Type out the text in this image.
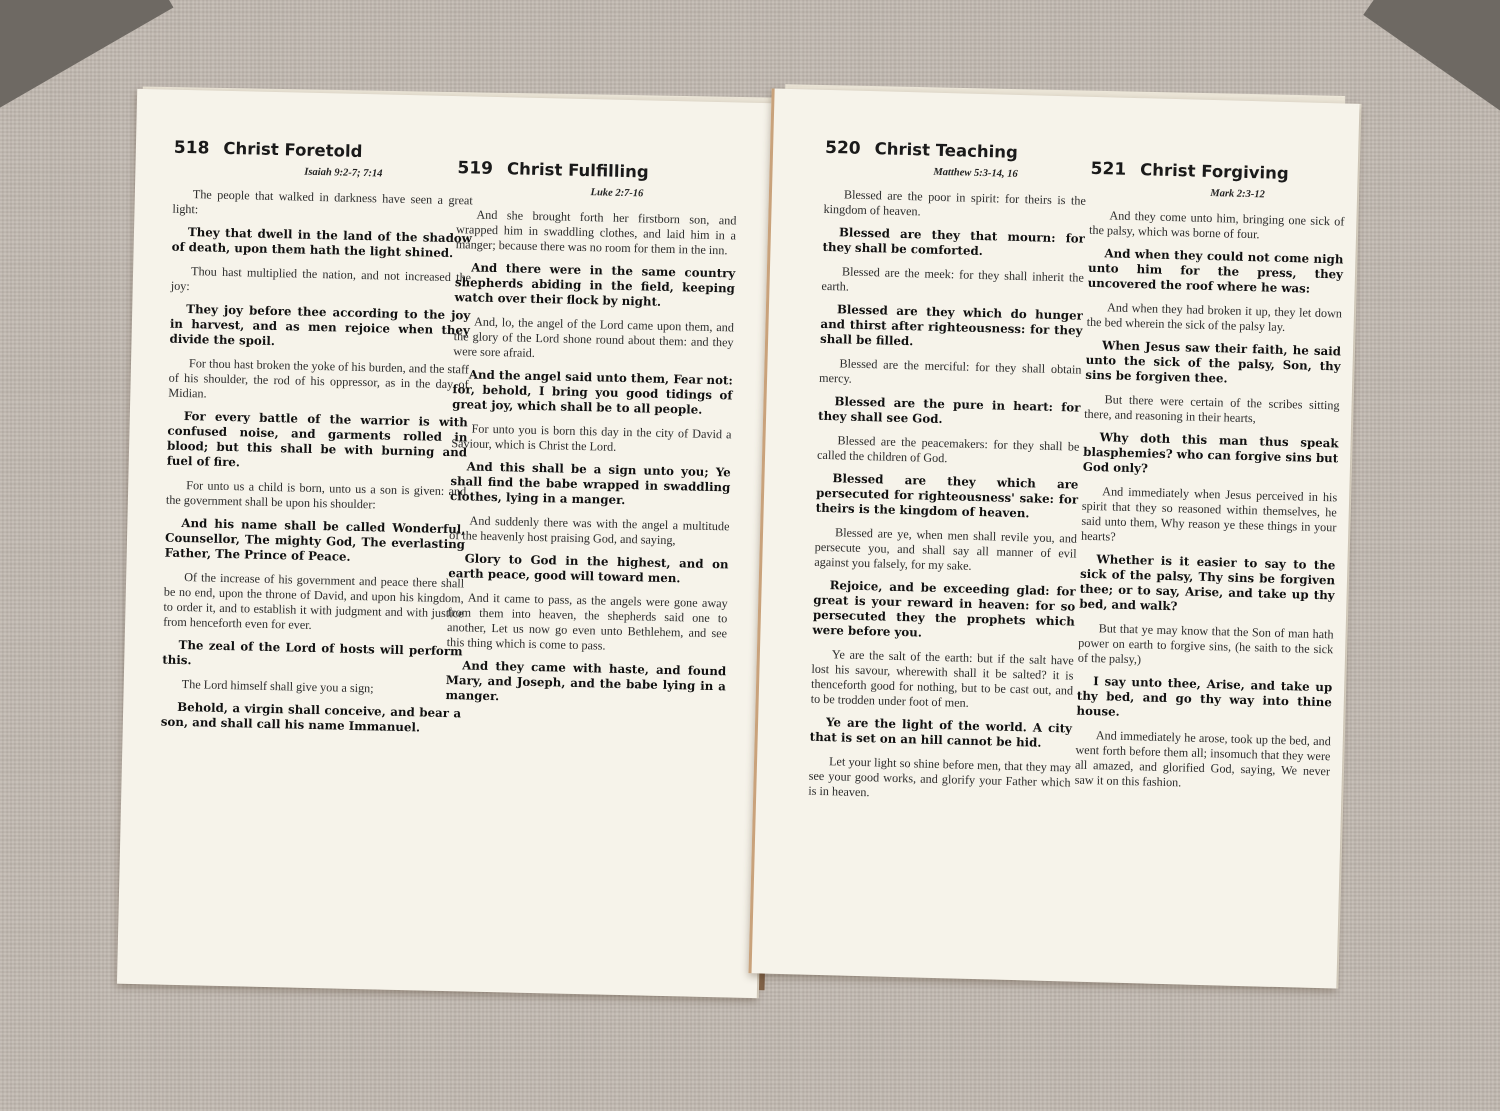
518 Christ Foretold
Isaiah 9:2-7; 7:14

The people that walked in darkness have seen a great light:

They that dwell in the land of the shadow of death, upon them hath the light shined.

Thou hast multiplied the nation, and not increased the joy:

They joy before thee according to the joy in harvest, and as men rejoice when they divide the spoil.

For thou hast broken the yoke of his burden, and the staff of his shoulder, the rod of his oppressor, as in the day of Midian.

For every battle of the warrior is with confused noise, and garments rolled in blood; but this shall be with burning and fuel of fire.

For unto us a child is born, unto us a son is given: and the government shall be upon his shoulder:

And his name shall be called Wonderful, Counsellor, The mighty God, The everlasting Father, The Prince of Peace.

Of the increase of his government and peace there shall be no end, upon the throne of David, and upon his kingdom, to order it, and to establish it with judgment and with justice from henceforth even for ever.

The zeal of the Lord of hosts will perform this.

The Lord himself shall give you a sign;

Behold, a virgin shall conceive, and bear a son, and shall call his name Immanuel.

519 Christ Fulfilling
Luke 2:7-16

And she brought forth her firstborn son, and wrapped him in swaddling clothes, and laid him in a manger; because there was no room for them in the inn.

And there were in the same country shepherds abiding in the field, keeping watch over their flock by night.

And, lo, the angel of the Lord came upon them, and the glory of the Lord shone round about them: and they were sore afraid.

And the angel said unto them, Fear not: for, behold, I bring you good tidings of great joy, which shall be to all people.

For unto you is born this day in the city of David a Saviour, which is Christ the Lord.

And this shall be a sign unto you; Ye shall find the babe wrapped in swaddling clothes, lying in a manger.

And suddenly there was with the angel a multitude of the heavenly host praising God, and saying,

Glory to God in the highest, and on earth peace, good will toward men.

And it came to pass, as the angels were gone away from them into heaven, the shepherds said one to another, Let us now go even unto Bethlehem, and see this thing which is come to pass.

And they came with haste, and found Mary, and Joseph, and the babe lying in a manger.

520 Christ Teaching
Matthew 5:3-14, 16

Blessed are the poor in spirit: for theirs is the kingdom of heaven.

Blessed are they that mourn: for they shall be comforted.

Blessed are the meek: for they shall inherit the earth.

Blessed are they which do hunger and thirst after righteousness: for they shall be filled.

Blessed are the merciful: for they shall obtain mercy.

Blessed are the pure in heart: for they shall see God.

Blessed are the peacemakers: for they shall be called the children of God.

Blessed are they which are persecuted for righteousness' sake: for theirs is the kingdom of heaven.

Blessed are ye, when men shall revile you, and persecute you, and shall say all manner of evil against you falsely, for my sake.

Rejoice, and be exceeding glad: for great is your reward in heaven: for so persecuted they the prophets which were before you.

Ye are the salt of the earth: but if the salt have lost his savour, wherewith shall it be salted? it is thenceforth good for nothing, but to be cast out, and to be trodden under foot of men.

Ye are the light of the world. A city that is set on an hill cannot be hid.

Let your light so shine before men, that they may see your good works, and glorify your Father which is in heaven.

521 Christ Forgiving
Mark 2:3-12

And they come unto him, bringing one sick of the palsy, which was borne of four.

And when they could not come nigh unto him for the press, they uncovered the roof where he was:

And when they had broken it up, they let down the bed wherein the sick of the palsy lay.

When Jesus saw their faith, he said unto the sick of the palsy, Son, thy sins be forgiven thee.

But there were certain of the scribes sitting there, and reasoning in their hearts,

Why doth this man thus speak blasphemies? who can forgive sins but God only?

And immediately when Jesus perceived in his spirit that they so reasoned within themselves, he said unto them, Why reason ye these things in your hearts?

Whether is it easier to say to the sick of the palsy, Thy sins be forgiven thee; or to say, Arise, and take up thy bed, and walk?

But that ye may know that the Son of man hath power on earth to forgive sins, (he saith to the sick of the palsy,)

I say unto thee, Arise, and take up thy bed, and go thy way into thine house.

And immediately he arose, took up the bed, and went forth before them all; insomuch that they were all amazed, and glorified God, saying, We never saw it on this fashion.
